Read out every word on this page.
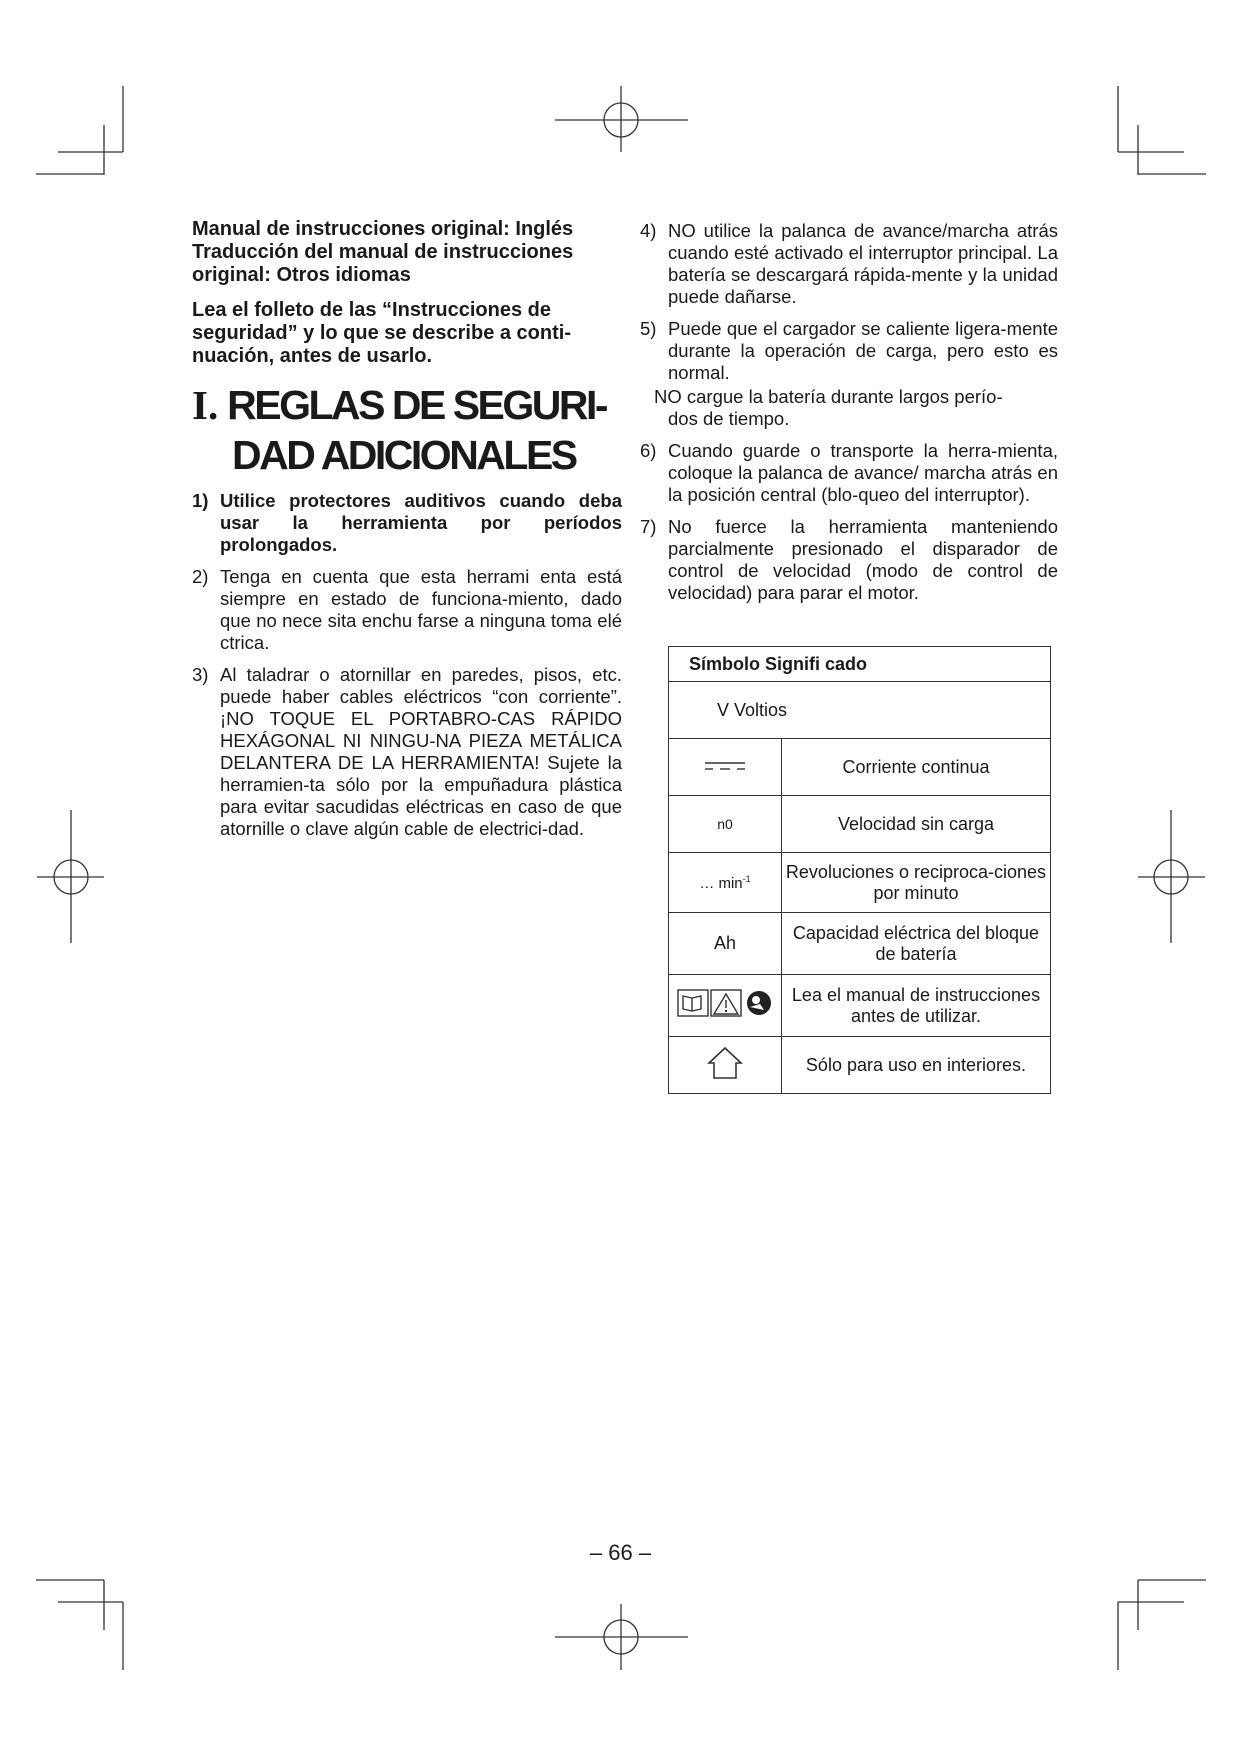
Manual de instrucciones original: Inglés
Traducción del manual de instrucciones
original: Otros idiomas
Lea el folleto de las “Instrucciones de
seguridad” y lo que se describe a conti-
nuación, antes de usarlo.
I. REGLAS DE SEGURI-
DAD ADICIONALES
1) Utilice protectores auditivos cuando deba usar la herramienta por períodos prolongados.
2) Tenga en cuenta que esta herrami enta está siempre en estado de funciona-miento, dado que no nece sita enchu farse a ninguna toma elé ctrica.
3) Al taladrar o atornillar en paredes, pisos, etc. puede haber cables eléctricos “con corriente”. ¡NO TOQUE EL PORTABRO-CAS RÁPIDO HEXÁGONAL NI NINGU-NA PIEZA METÁLICA DELANTERA DE LA HERRAMIENTA! Sujete la herramien-ta sólo por la empuñadura plástica para evitar sacudidas eléctricas en caso de que atornille o clave algún cable de electrici-dad.
4) NO utilice la palanca de avance/marcha atrás cuando esté activado el interruptor principal. La batería se descargará rápida-mente y la unidad puede dañarse.
5) Puede que el cargador se caliente ligera-mente durante la operación de carga, pero esto es normal.
NO cargue la batería durante largos perío-
dos de tiempo.
6) Cuando guarde o transporte la herra-mienta, coloque la palanca de avance/ marcha atrás en la posición central (blo-queo del interruptor).
7) No fuerce la herramienta manteniendo parcialmente presionado el disparador de control de velocidad (modo de control de velocidad) para parar el motor.
Símbolo Signifi cado	
V Voltios	
	Corriente continua
n0	Velocidad sin carga
… $\min^{-1}$	Revoluciones o reciproca-ciones por minuto
Ah	Capacidad eléctrica del bloque de batería
	Lea el manual de instrucciones antes de utilizar.
	Sólo para uso en interiores.
– 66 –
